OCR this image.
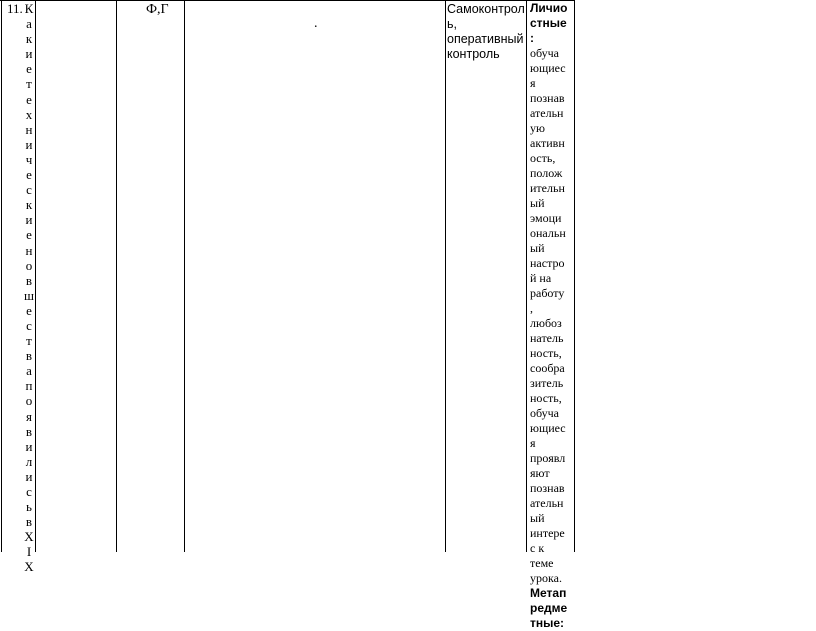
11. К
а
к
и
е
т
е
х
н
и
ч
е
с
к
и
е
н
о
в
ш
е
с
т
в
а
п
о
я
в
и
л
и
с
ь
в
Х
I
Х
Ф,Г
.
Самоконтрол
ь,
оперативный
контроль
Личио
стные
:
обуча
ющиес
я
познав
ательн
ую
активн
ость,
полож
ительн
ый
эмоци
ональн
ый
настро
й на
работу
,
любоз
натель
ность,
сообра
зитель
ность,
обуча
ющиес
я
проявл
яют
познав
ательн
ый
интере
с к
теме
урока.
Метап
редме
тные:
